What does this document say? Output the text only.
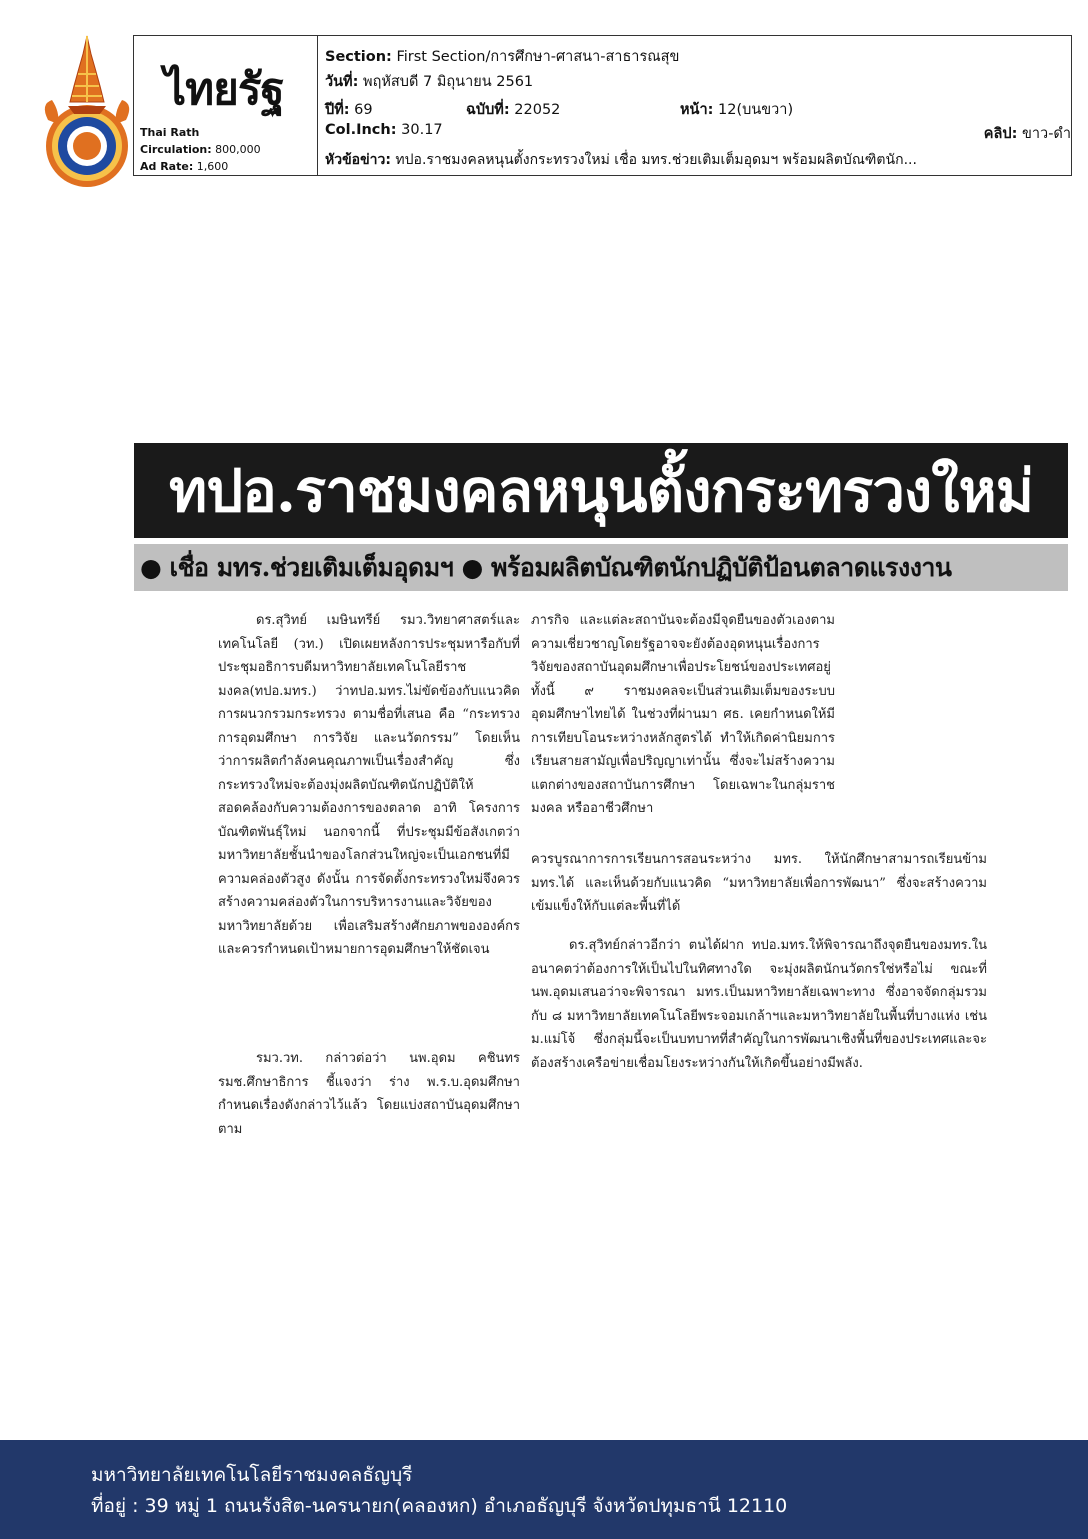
ไทยรัฐ
Thai Rath
Circulation: 800,000
Ad Rate: 1,600
Section: First Section/การศึกษา-ศาสนา-สาธารณสุข
วันที่: พฤหัสบดี 7 มิถุนายน 2561
ปีที่: 69	ฉบับที่: 22052	หน้า: 12(บนขวา)
Col.Inch: 30.17	คลิป: ขาว-ดำ
หัวข้อข่าว: ทปอ.ราชมงคลหนุนตั้งกระทรวงใหม่ เชื่อ มทร.ช่วยเติมเต็มอุดมฯ พร้อมผลิตบัณฑิตนัก...
ทปอ.ราชมงคลหนุนตั้งกระทรวงใหม่
● เชื่อ มทร.ช่วยเติมเต็มอุดมฯ ● พร้อมผลิตบัณฑิตนักปฏิบัติป้อนตลาดแรงงาน

ดร.สุวิทย์ เมษินทรีย์ รมว.วิทยาศาสตร์และเทคโนโลยี (วท.) เปิดเผยหลังการประชุมหารือกับที่ประชุมอธิการบดีมหาวิทยาลัยเทคโนโลยีราชมงคล(ทปอ.มทร.) ว่าทปอ.มทร.ไม่ขัดข้องกับแนวคิดการผนวกรวมกระทรวง ตามชื่อที่เสนอ คือ “กระทรวงการอุดมศึกษา การวิจัย และนวัตกรรม” โดยเห็นว่าการผลิตกำลังคนคุณภาพเป็นเรื่องสำคัญ ซึ่งกระทรวงใหม่จะต้องมุ่งผลิตบัณฑิตนักปฏิบัติให้สอดคล้องกับความต้องการของตลาด อาทิ โครงการบัณฑิตพันธุ์ใหม่ นอกจากนี้ ที่ประชุมมีข้อสังเกตว่ามหาวิทยาลัยชั้นนำของโลกส่วนใหญ่จะเป็นเอกชนที่มีความคล่องตัวสูง ดังนั้น การจัดตั้งกระทรวงใหม่จึงควรสร้างความคล่องตัวในการบริหารงานและวิจัยของมหาวิทยาลัยด้วย เพื่อเสริมสร้างศักยภาพขององค์กร และควรกำหนดเป้าหมายการอุดมศึกษาให้ชัดเจน

รมว.วท. กล่าวต่อว่า นพ.อุดม คชินทร รมช.ศึกษาธิการ ชี้แจงว่า ร่าง พ.ร.บ.อุดมศึกษา กำหนดเรื่องดังกล่าวไว้แล้ว โดยแบ่งสถาบันอุดมศึกษาตาม

ภารกิจ และแต่ละสถาบันจะต้องมีจุดยืนของตัวเองตามความเชี่ยวชาญโดยรัฐอาจจะยังต้องอุดหนุนเรื่องการวิจัยของสถาบันอุดมศึกษาเพื่อประโยชน์ของประเทศอยู่ ทั้งนี้ ๙ ราชมงคลจะเป็นส่วนเติมเต็มของระบบอุดมศึกษาไทยได้ ในช่วงที่ผ่านมา ศธ. เคยกำหนดให้มีการเทียบโอนระหว่างหลักสูตรได้ ทำให้เกิดค่านิยมการเรียนสายสามัญเพื่อปริญญาเท่านั้น ซึ่งจะไม่สร้างความแตกต่างของสถาบันการศึกษา โดยเฉพาะในกลุ่มราชมงคล หรืออาชีวศึกษา

ควรบูรณาการการเรียนการสอนระหว่าง มทร. ให้นักศึกษาสามารถเรียนข้าม มทร.ได้ และเห็นด้วยกับแนวคิด “มหาวิทยาลัยเพื่อการพัฒนา” ซึ่งจะสร้างความเข้มแข็งให้กับแต่ละพื้นที่ได้

ดร.สุวิทย์กล่าวอีกว่า ตนได้ฝาก ทปอ.มทร.ให้พิจารณาถึงจุดยืนของมทร.ในอนาคตว่าต้องการให้เป็นไปในทิศทางใด จะมุ่งผลิตนักนวัตกรใช่หรือไม่ ขณะที่ นพ.อุดมเสนอว่าจะพิจารณา มทร.เป็นมหาวิทยาลัยเฉพาะทาง ซึ่งอาจจัดกลุ่มรวมกับ ๘ มหาวิทยาลัยเทคโนโลยีพระจอมเกล้าฯและมหาวิทยาลัยในพื้นที่บางแห่ง เช่น ม.แม่โจ้ ซึ่งกลุ่มนี้จะเป็นบทบาทที่สำคัญในการพัฒนาเชิงพื้นที่ของประเทศและจะต้องสร้างเครือข่ายเชื่อมโยงระหว่างกันให้เกิดขึ้นอย่างมีพลัง.

มหาวิทยาลัยเทคโนโลยีราชมงคลธัญบุรี
ที่อยู่ : 39 หมู่ 1 ถนนรังสิต-นครนายก(คลองหก) อำเภอธัญบุรี จังหวัดปทุมธานี 12110
